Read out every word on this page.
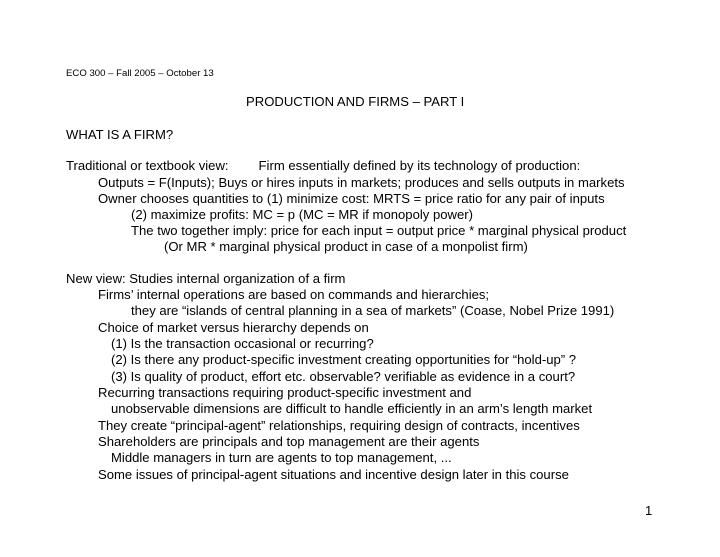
ECO 300 – Fall 2005 – October 13
PRODUCTION AND FIRMS – PART I
WHAT IS A FIRM?
Traditional or textbook view: Firm essentially defined by its technology of production:
Outputs = F(Inputs); Buys or hires inputs in markets; produces and sells outputs in markets
Owner chooses quantities to (1) minimize cost: MRTS = price ratio for any pair of inputs
(2) maximize profits: MC = p (MC = MR if monopoly power)
The two together imply: price for each input = output price * marginal physical product
(Or MR * marginal physical product in case of a monpolist firm)
New view: Studies internal organization of a firm
Firms’ internal operations are based on commands and hierarchies;
they are “islands of central planning in a sea of markets” (Coase, Nobel Prize 1991)
Choice of market versus hierarchy depends on
(1) Is the transaction occasional or recurring?
(2) Is there any product-specific investment creating opportunities for “hold-up” ?
(3) Is quality of product, effort etc. observable? verifiable as evidence in a court?
Recurring transactions requiring product-specific investment and
unobservable dimensions are difficult to handle efficiently in an arm’s length market
They create “principal-agent” relationships, requiring design of contracts, incentives
Shareholders are principals and top management are their agents
Middle managers in turn are agents to top management, ...
Some issues of principal-agent situations and incentive design later in this course
1
